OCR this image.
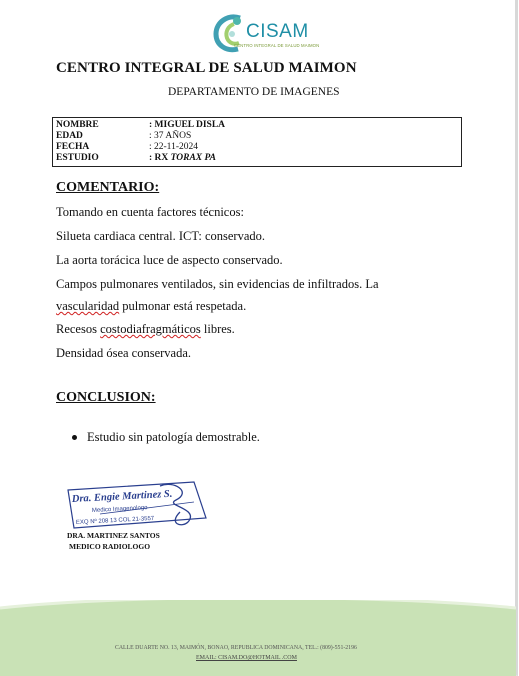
CISAM
CENTRO INTEGRAL DE SALUD MAIMON
CENTRO INTEGRAL DE SALUD MAIMON
DEPARTAMENTO DE IMAGENES
NOMBRE	: MIGUEL DISLA
EDAD	: 37 AÑOS
FECHA	: 22-11-2024
ESTUDIO	: RX TORAX PA
COMENTARIO:
Tomando en cuenta factores técnicos:
Silueta cardiaca central. ICT: conservado.
La aorta torácica luce de aspecto conservado.
Campos pulmonares ventilados, sin evidencias de infiltrados. La
vascularidad pulmonar está respetada.
Recesos costodiafragmáticos libres.
Densidad ósea conservada.
CONCLUSION:
Estudio sin patología demostrable.
Dra. Engie Martinez S.
Medico Imagenologo
EXQ Nº 208 13 COL 21-3557
DRA. MARTINEZ SANTOS
MEDICO RADIOLOGO
CALLE DUARTE NO. 13, MAIMÓN, BONAO, REPUBLICA DOMINICANA, TEL.: (809)-551-2196
EMAIL: CISAM.DO@HOTMAIL .COM
